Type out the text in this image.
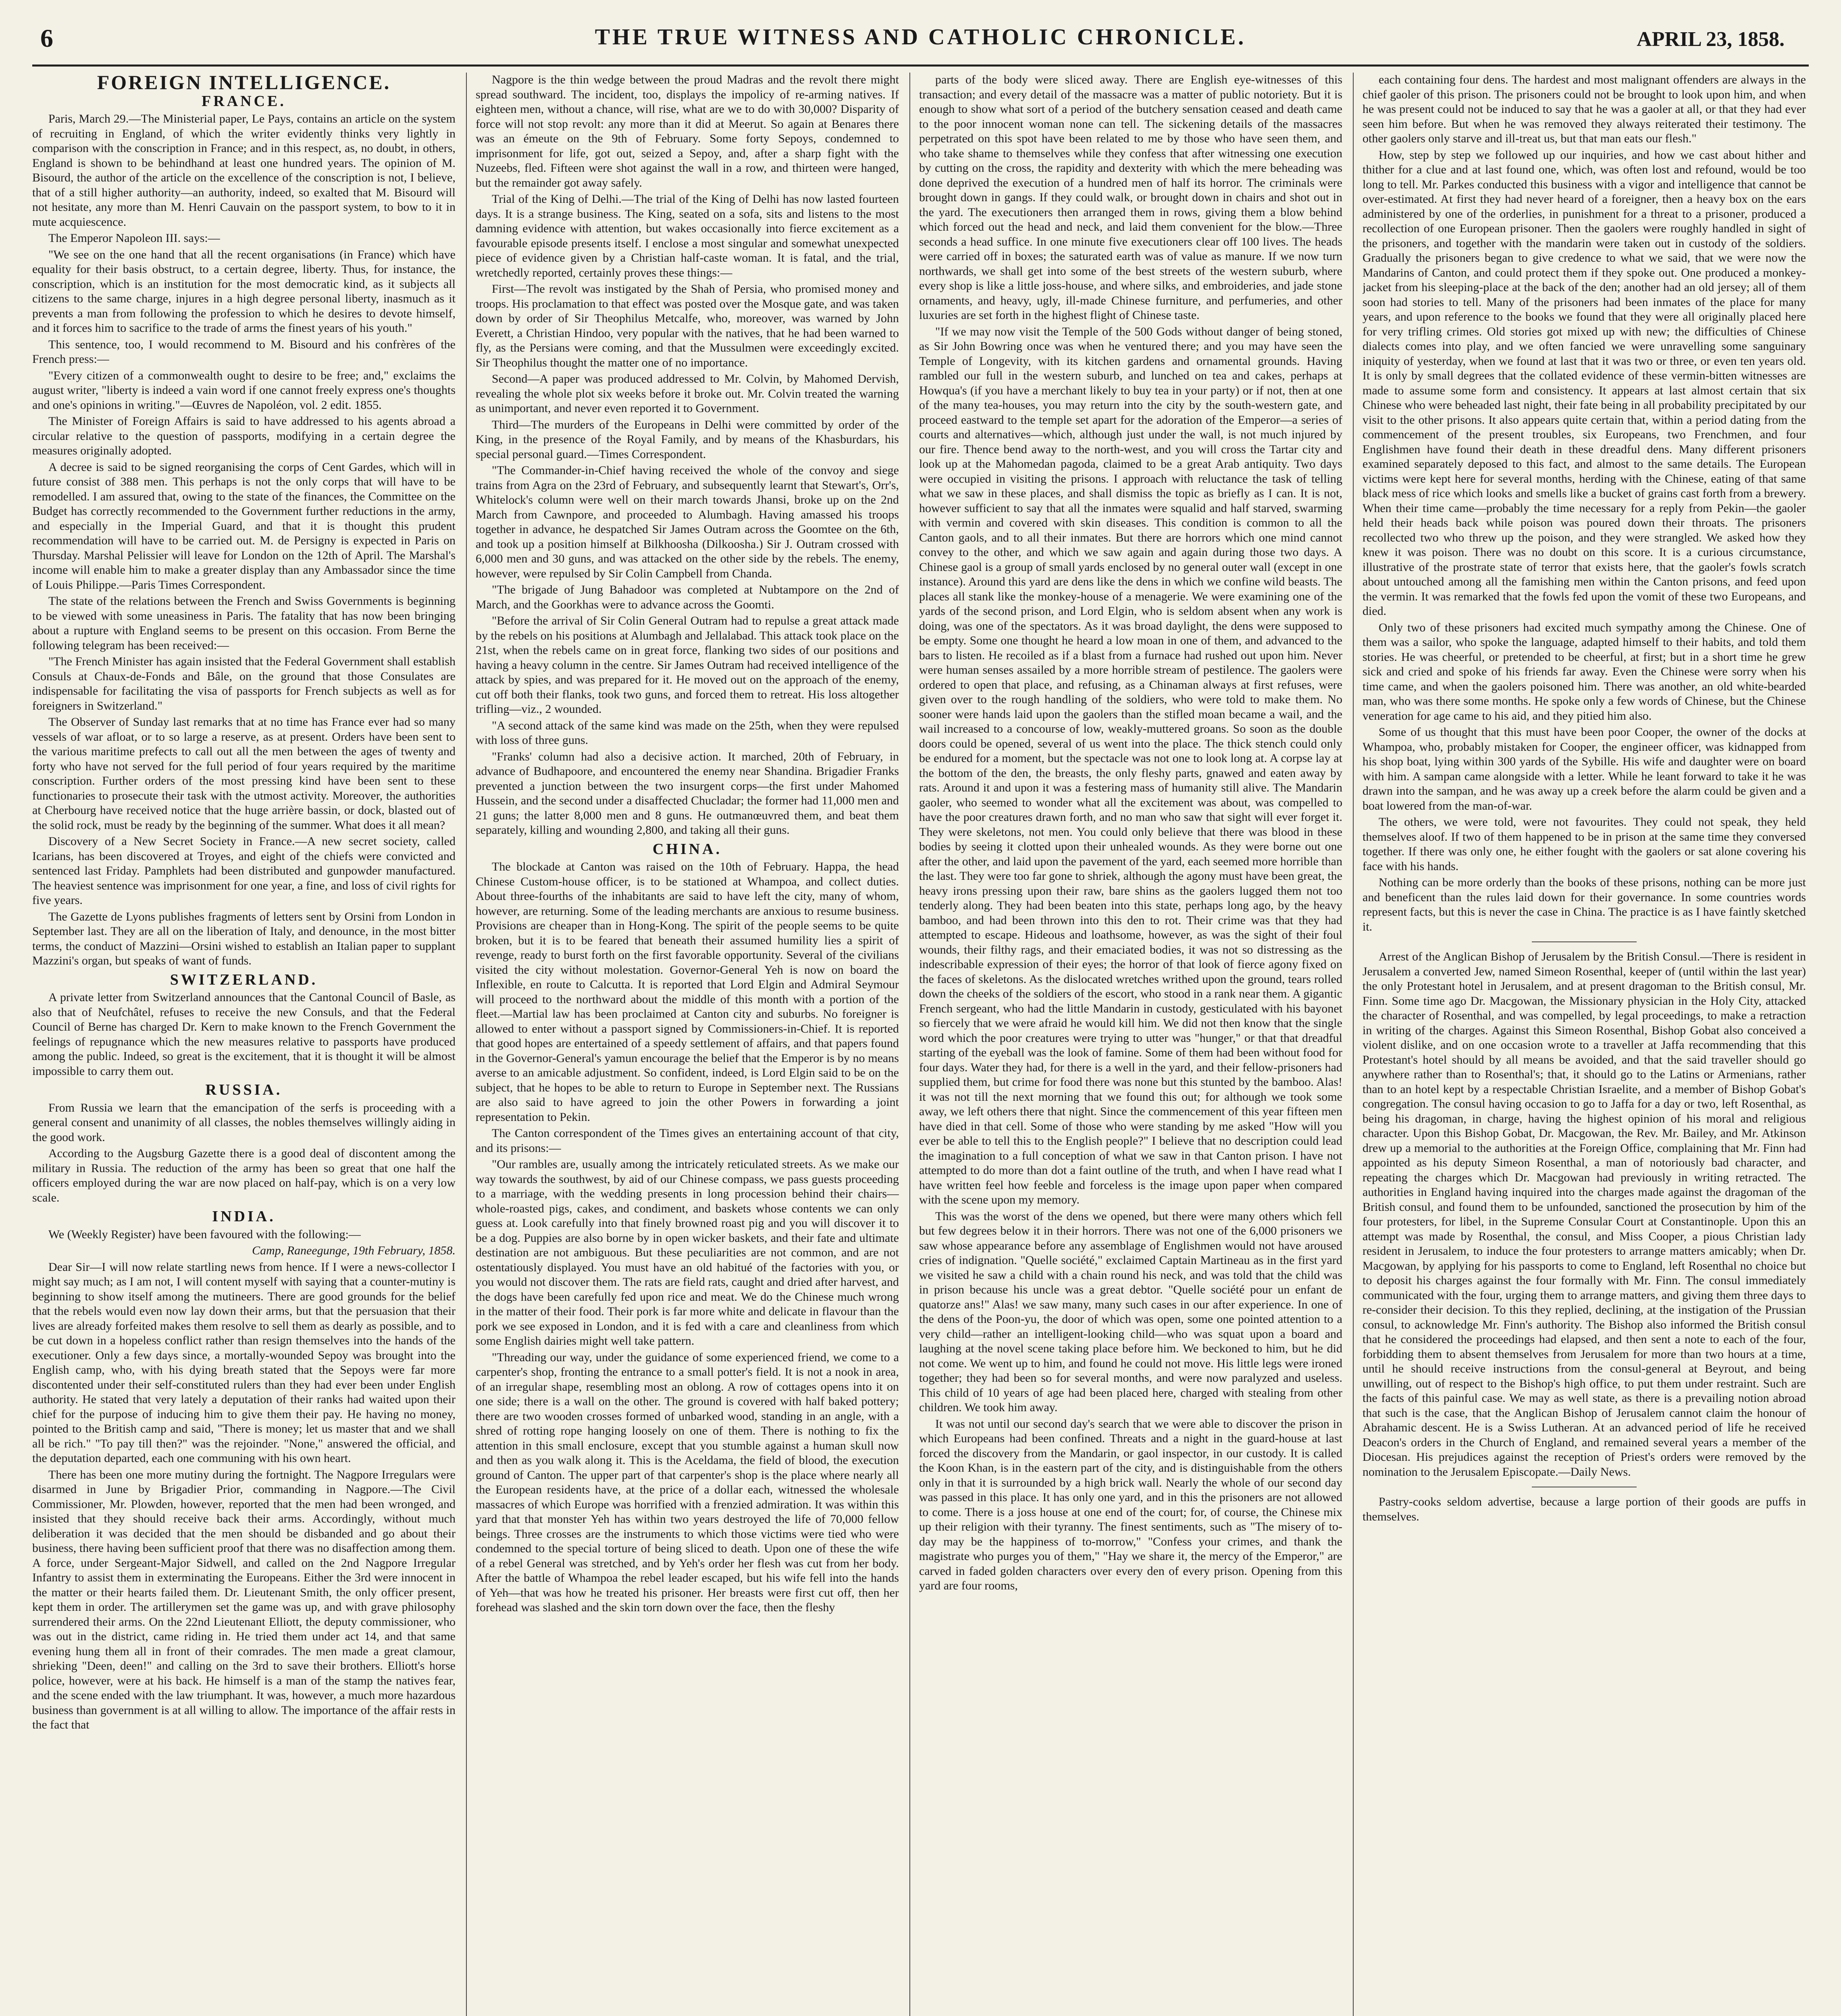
6	THE TRUE WITNESS AND CATHOLIC CHRONICLE.	APRIL 23, 1858.
FOREIGN INTELLIGENCE.
FRANCE.

Paris, March 29.—The Ministerial paper, Le Pays, contains an article on the system of recruiting in England, of which the writer evidently thinks very lightly in comparison with the conscription in France; and in this respect, as, no doubt, in others, England is shown to be behindhand at least one hundred years. The opinion of M. Bisourd, the author of the article on the excellence of the conscription is not, I believe, that of a still higher authority—an authority, indeed, so exalted that M. Bisourd will not hesitate, any more than M. Henri Cauvain on the passport system, to bow to it in mute acquiescence.

The Emperor Napoleon III. says:—

"We see on the one hand that all the recent organisations (in France) which have equality for their basis obstruct, to a certain degree, liberty. Thus, for instance, the conscription, which is an institution for the most democratic kind, as it subjects all citizens to the same charge, injures in a high degree personal liberty, inasmuch as it prevents a man from following the profession to which he desires to devote himself, and it forces him to sacrifice to the trade of arms the finest years of his youth."

This sentence, too, I would recommend to M. Bisourd and his confrères of the French press:—

"Every citizen of a commonwealth ought to desire to be free; and," exclaims the august writer, "liberty is indeed a vain word if one cannot freely express one's thoughts and one's opinions in writing."—Œuvres de Napoléon, vol. 2 edit. 1855.

The Minister of Foreign Affairs is said to have addressed to his agents abroad a circular relative to the question of passports, modifying in a certain degree the measures originally adopted.

A decree is said to be signed reorganising the corps of Cent Gardes, which will in future consist of 388 men. This perhaps is not the only corps that will have to be remodelled. I am assured that, owing to the state of the finances, the Committee on the Budget has correctly recommended to the Government further reductions in the army, and especially in the Imperial Guard, and that it is thought this prudent recommendation will have to be carried out. M. de Persigny is expected in Paris on Thursday. Marshal Pelissier will leave for London on the 12th of April. The Marshal's income will enable him to make a greater display than any Ambassador since the time of Louis Philippe.—Paris Times Correspondent.

The state of the relations between the French and Swiss Governments is beginning to be viewed with some uneasiness in Paris. The fatality that has now been bringing about a rupture with England seems to be present on this occasion. From Berne the following telegram has been received:—

"The French Minister has again insisted that the Federal Government shall establish Consuls at Chaux-de-Fonds and Bâle, on the ground that those Consulates are indispensable for facilitating the visa of passports for French subjects as well as for foreigners in Switzerland."

The Observer of Sunday last remarks that at no time has France ever had so many vessels of war afloat, or to so large a reserve, as at present. Orders have been sent to the various maritime prefects to call out all the men between the ages of twenty and forty who have not served for the full period of four years required by the maritime conscription. Further orders of the most pressing kind have been sent to these functionaries to prosecute their task with the utmost activity. Moreover, the authorities at Cherbourg have received notice that the huge arrière bassin, or dock, blasted out of the solid rock, must be ready by the beginning of the summer. What does it all mean?

Discovery of a New Secret Society in France.—A new secret society, called Icarians, has been discovered at Troyes, and eight of the chiefs were convicted and sentenced last Friday. Pamphlets had been distributed and gunpowder manufactured. The heaviest sentence was imprisonment for one year, a fine, and loss of civil rights for five years.

The Gazette de Lyons publishes fragments of letters sent by Orsini from London in September last. They are all on the liberation of Italy, and denounce, in the most bitter terms, the conduct of Mazzini—Orsini wished to establish an Italian paper to supplant Mazzini's organ, but speaks of want of funds.

SWITZERLAND.

A private letter from Switzerland announces that the Cantonal Council of Basle, as also that of Neufchâtel, refuses to receive the new Consuls, and that the Federal Council of Berne has charged Dr. Kern to make known to the French Government the feelings of repugnance which the new measures relative to passports have produced among the public. Indeed, so great is the excitement, that it is thought it will be almost impossible to carry them out.

RUSSIA.

From Russia we learn that the emancipation of the serfs is proceeding with a general consent and unanimity of all classes, the nobles themselves willingly aiding in the good work.

According to the Augsburg Gazette there is a good deal of discontent among the military in Russia. The reduction of the army has been so great that one half the officers employed during the war are now placed on half-pay, which is on a very low scale.

INDIA.

We (Weekly Register) have been favoured with the following:—

Camp, Raneegunge, 19th February, 1858.

Dear Sir—I will now relate startling news from hence. If I were a news-collector I might say much; as I am not, I will content myself with saying that a counter-mutiny is beginning to show itself among the mutineers. There are good grounds for the belief that the rebels would even now lay down their arms, but that the persuasion that their lives are already forfeited makes them resolve to sell them as dearly as possible, and to be cut down in a hopeless conflict rather than resign themselves into the hands of the executioner. Only a few days since, a mortally-wounded Sepoy was brought into the English camp, who, with his dying breath stated that the Sepoys were far more discontented under their self-constituted rulers than they had ever been under English authority. He stated that very lately a deputation of their ranks had waited upon their chief for the purpose of inducing him to give them their pay. He having no money, pointed to the British camp and said, "There is money; let us master that and we shall all be rich." "To pay till then?" was the rejoinder. "None," answered the official, and the deputation departed, each one communing with his own heart.

There has been one more mutiny during the fortnight. The Nagpore Irregulars were disarmed in June by Brigadier Prior, commanding in Nagpore.—The Civil Commissioner, Mr. Plowden, however, reported that the men had been wronged, and insisted that they should receive back their arms. Accordingly, without much deliberation it was decided that the men should be disbanded and go about their business, there having been sufficient proof that there was no disaffection among them. A force, under Sergeant-Major Sidwell, and called on the 2nd Nagpore Irregular Infantry to assist them in exterminating the Europeans. Either the 3rd were innocent in the matter or their hearts failed them. Dr. Lieutenant Smith, the only officer present, kept them in order. The artillerymen set the game was up, and with grave philosophy surrendered their arms. On the 22nd Lieutenant Elliott, the deputy commissioner, who was out in the district, came riding in. He tried them under act 14, and that same evening hung them all in front of their comrades. The men made a great clamour, shrieking "Deen, deen!" and calling on the 3rd to save their brothers. Elliott's horse police, however, were at his back. He himself is a man of the stamp the natives fear, and the scene ended with the law triumphant. It was, however, a much more hazardous business than government is at all willing to allow. The importance of the affair rests in the fact that

Nagpore is the thin wedge between the proud Madras and the revolt there might spread southward. The incident, too, displays the impolicy of re-arming natives. If eighteen men, without a chance, will rise, what are we to do with 30,000? Disparity of force will not stop revolt: any more than it did at Meerut. So again at Benares there was an émeute on the 9th of February. Some forty Sepoys, condemned to imprisonment for life, got out, seized a Sepoy, and, after a sharp fight with the Nuzeebs, fled. Fifteen were shot against the wall in a row, and thirteen were hanged, but the remainder got away safely.

Trial of the King of Delhi.—The trial of the King of Delhi has now lasted fourteen days. It is a strange business. The King, seated on a sofa, sits and listens to the most damning evidence with attention, but wakes occasionally into fierce excitement as a favourable episode presents itself. I enclose a most singular and somewhat unexpected piece of evidence given by a Christian half-caste woman. It is fatal, and the trial, wretchedly reported, certainly proves these things:—

First—The revolt was instigated by the Shah of Persia, who promised money and troops. His proclamation to that effect was posted over the Mosque gate, and was taken down by order of Sir Theophilus Metcalfe, who, moreover, was warned by John Everett, a Christian Hindoo, very popular with the natives, that he had been warned to fly, as the Persians were coming, and that the Mussulmen were exceedingly excited. Sir Theophilus thought the matter one of no importance.

Second—A paper was produced addressed to Mr. Colvin, by Mahomed Dervish, revealing the whole plot six weeks before it broke out. Mr. Colvin treated the warning as unimportant, and never even reported it to Government.

Third—The murders of the Europeans in Delhi were committed by order of the King, in the presence of the Royal Family, and by means of the Khasburdars, his special personal guard.—Times Correspondent.

"The Commander-in-Chief having received the whole of the convoy and siege trains from Agra on the 23rd of February, and subsequently learnt that Stewart's, Orr's, Whitelock's column were well on their march towards Jhansi, broke up on the 2nd March from Cawnpore, and proceeded to Alumbagh. Having amassed his troops together in advance, he despatched Sir James Outram across the Goomtee on the 6th, and took up a position himself at Bilkhoosha (Dilkoosha.) Sir J. Outram crossed with 6,000 men and 30 guns, and was attacked on the other side by the rebels. The enemy, however, were repulsed by Sir Colin Campbell from Chanda.

"The brigade of Jung Bahadoor was completed at Nubtampore on the 2nd of March, and the Goorkhas were to advance across the Goomti.

"Before the arrival of Sir Colin General Outram had to repulse a great attack made by the rebels on his positions at Alumbagh and Jellalabad. This attack took place on the 21st, when the rebels came on in great force, flanking two sides of our positions and having a heavy column in the centre. Sir James Outram had received intelligence of the attack by spies, and was prepared for it. He moved out on the approach of the enemy, cut off both their flanks, took two guns, and forced them to retreat. His loss altogether trifling—viz., 2 wounded.

"A second attack of the same kind was made on the 25th, when they were repulsed with loss of three guns.

"Franks' column had also a decisive action. It marched, 20th of February, in advance of Budhapoore, and encountered the enemy near Shandina. Brigadier Franks prevented a junction between the two insurgent corps—the first under Mahomed Hussein, and the second under a disaffected Chucladar; the former had 11,000 men and 21 guns; the latter 8,000 men and 8 guns. He outmanœuvred them, and beat them separately, killing and wounding 2,800, and taking all their guns.

CHINA.

The blockade at Canton was raised on the 10th of February. Happa, the head Chinese Custom-house officer, is to be stationed at Whampoa, and collect duties. About three-fourths of the inhabitants are said to have left the city, many of whom, however, are returning. Some of the leading merchants are anxious to resume business. Provisions are cheaper than in Hong-Kong. The spirit of the people seems to be quite broken, but it is to be feared that beneath their assumed humility lies a spirit of revenge, ready to burst forth on the first favorable opportunity. Several of the civilians visited the city without molestation. Governor-General Yeh is now on board the Inflexible, en route to Calcutta. It is reported that Lord Elgin and Admiral Seymour will proceed to the northward about the middle of this month with a portion of the fleet.—Martial law has been proclaimed at Canton city and suburbs. No foreigner is allowed to enter without a passport signed by Commissioners-in-Chief. It is reported that good hopes are entertained of a speedy settlement of affairs, and that papers found in the Governor-General's yamun encourage the belief that the Emperor is by no means averse to an amicable adjustment. So confident, indeed, is Lord Elgin said to be on the subject, that he hopes to be able to return to Europe in September next. The Russians are also said to have agreed to join the other Powers in forwarding a joint representation to Pekin.

The Canton correspondent of the Times gives an entertaining account of that city, and its prisons:—

"Our rambles are, usually among the intricately reticulated streets. As we make our way towards the southwest, by aid of our Chinese compass, we pass guests proceeding to a marriage, with the wedding presents in long procession behind their chairs—whole-roasted pigs, cakes, and condiment, and baskets whose contents we can only guess at. Look carefully into that finely browned roast pig and you will discover it to be a dog. Puppies are also borne by in open wicker baskets, and their fate and ultimate destination are not ambiguous. But these peculiarities are not common, and are not ostentatiously displayed. You must have an old habitué of the factories with you, or you would not discover them. The rats are field rats, caught and dried after harvest, and the dogs have been carefully fed upon rice and meat. We do the Chinese much wrong in the matter of their food. Their pork is far more white and delicate in flavour than the pork we see exposed in London, and it is fed with a care and cleanliness from which some English dairies might well take pattern.

"Threading our way, under the guidance of some experienced friend, we come to a carpenter's shop, fronting the entrance to a small potter's field. It is not a nook in area, of an irregular shape, resembling most an oblong. A row of cottages opens into it on one side; there is a wall on the other. The ground is covered with half baked pottery; there are two wooden crosses formed of unbarked wood, standing in an angle, with a shred of rotting rope hanging loosely on one of them. There is nothing to fix the attention in this small enclosure, except that you stumble against a human skull now and then as you walk along it. This is the Aceldama, the field of blood, the execution ground of Canton. The upper part of that carpenter's shop is the place where nearly all the European residents have, at the price of a dollar each, witnessed the wholesale massacres of which Europe was horrified with a frenzied admiration. It was within this yard that that monster Yeh has within two years destroyed the life of 70,000 fellow beings. Three crosses are the instruments to which those victims were tied who were condemned to the special torture of being sliced to death. Upon one of these the wife of a rebel General was stretched, and by Yeh's order her flesh was cut from her body. After the battle of Whampoa the rebel leader escaped, but his wife fell into the hands of Yeh—that was how he treated his prisoner. Her breasts were first cut off, then her forehead was slashed and the skin torn down over the face, then the fleshy

parts of the body were sliced away. There are English eye-witnesses of this transaction; and every detail of the massacre was a matter of public notoriety. But it is enough to show what sort of a period of the butchery sensation ceased and death came to the poor innocent woman none can tell. The sickening details of the massacres perpetrated on this spot have been related to me by those who have seen them, and who take shame to themselves while they confess that after witnessing one execution by cutting on the cross, the rapidity and dexterity with which the mere beheading was done deprived the execution of a hundred men of half its horror. The criminals were brought down in gangs. If they could walk, or brought down in chairs and shot out in the yard. The executioners then arranged them in rows, giving them a blow behind which forced out the head and neck, and laid them convenient for the blow.—Three seconds a head suffice. In one minute five executioners clear off 100 lives. The heads were carried off in boxes; the saturated earth was of value as manure. If we now turn northwards, we shall get into some of the best streets of the western suburb, where every shop is like a little joss-house, and where silks, and embroideries, and jade stone ornaments, and heavy, ugly, ill-made Chinese furniture, and perfumeries, and other luxuries are set forth in the highest flight of Chinese taste.

"If we may now visit the Temple of the 500 Gods without danger of being stoned, as Sir John Bowring once was when he ventured there; and you may have seen the Temple of Longevity, with its kitchen gardens and ornamental grounds. Having rambled our full in the western suburb, and lunched on tea and cakes, perhaps at Howqua's (if you have a merchant likely to buy tea in your party) or if not, then at one of the many tea-houses, you may return into the city by the south-western gate, and proceed eastward to the temple set apart for the adoration of the Emperor—a series of courts and alternatives—which, although just under the wall, is not much injured by our fire. Thence bend away to the north-west, and you will cross the Tartar city and look up at the Mahomedan pagoda, claimed to be a great Arab antiquity. Two days were occupied in visiting the prisons. I approach with reluctance the task of telling what we saw in these places, and shall dismiss the topic as briefly as I can. It is not, however sufficient to say that all the inmates were squalid and half starved, swarming with vermin and covered with skin diseases. This condition is common to all the Canton gaols, and to all their inmates. But there are horrors which one mind cannot convey to the other, and which we saw again and again during those two days. A Chinese gaol is a group of small yards enclosed by no general outer wall (except in one instance). Around this yard are dens like the dens in which we confine wild beasts. The places all stank like the monkey-house of a menagerie. We were examining one of the yards of the second prison, and Lord Elgin, who is seldom absent when any work is doing, was one of the spectators. As it was broad daylight, the dens were supposed to be empty. Some one thought he heard a low moan in one of them, and advanced to the bars to listen. He recoiled as if a blast from a furnace had rushed out upon him. Never were human senses assailed by a more horrible stream of pestilence. The gaolers were ordered to open that place, and refusing, as a Chinaman always at first refuses, were given over to the rough handling of the soldiers, who were told to make them. No sooner were hands laid upon the gaolers than the stifled moan became a wail, and the wail increased to a concourse of low, weakly-muttered groans. So soon as the double doors could be opened, several of us went into the place. The thick stench could only be endured for a moment, but the spectacle was not one to look long at. A corpse lay at the bottom of the den, the breasts, the only fleshy parts, gnawed and eaten away by rats. Around it and upon it was a festering mass of humanity still alive. The Mandarin gaoler, who seemed to wonder what all the excitement was about, was compelled to have the poor creatures drawn forth, and no man who saw that sight will ever forget it. They were skeletons, not men. You could only believe that there was blood in these bodies by seeing it clotted upon their unhealed wounds. As they were borne out one after the other, and laid upon the pavement of the yard, each seemed more horrible than the last. They were too far gone to shriek, although the agony must have been great, the heavy irons pressing upon their raw, bare shins as the gaolers lugged them not too tenderly along. They had been beaten into this state, perhaps long ago, by the heavy bamboo, and had been thrown into this den to rot. Their crime was that they had attempted to escape. Hideous and loathsome, however, as was the sight of their foul wounds, their filthy rags, and their emaciated bodies, it was not so distressing as the indescribable expression of their eyes; the horror of that look of fierce agony fixed on the faces of skeletons. As the dislocated wretches writhed upon the ground, tears rolled down the cheeks of the soldiers of the escort, who stood in a rank near them. A gigantic French sergeant, who had the little Mandarin in custody, gesticulated with his bayonet so fiercely that we were afraid he would kill him. We did not then know that the single word which the poor creatures were trying to utter was "hunger," or that that dreadful starting of the eyeball was the look of famine. Some of them had been without food for four days. Water they had, for there is a well in the yard, and their fellow-prisoners had supplied them, but crime for food there was none but this stunted by the bamboo. Alas! it was not till the next morning that we found this out; for although we took some away, we left others there that night. Since the commencement of this year fifteen men have died in that cell. Some of those who were standing by me asked "How will you ever be able to tell this to the English people?" I believe that no description could lead the imagination to a full conception of what we saw in that Canton prison. I have not attempted to do more than dot a faint outline of the truth, and when I have read what I have written feel how feeble and forceless is the image upon paper when compared with the scene upon my memory.

This was the worst of the dens we opened, but there were many others which fell but few degrees below it in their horrors. There was not one of the 6,000 prisoners we saw whose appearance before any assemblage of Englishmen would not have aroused cries of indignation. "Quelle société," exclaimed Captain Martineau as in the first yard we visited he saw a child with a chain round his neck, and was told that the child was in prison because his uncle was a great debtor. "Quelle société pour un enfant de quatorze ans!" Alas! we saw many, many such cases in our after experience. In one of the dens of the Poon-yu, the door of which was open, some one pointed attention to a very child—rather an intelligent-looking child—who was squat upon a board and laughing at the novel scene taking place before him. We beckoned to him, but he did not come. We went up to him, and found he could not move. His little legs were ironed together; they had been so for several months, and were now paralyzed and useless. This child of 10 years of age had been placed here, charged with stealing from other children. We took him away.

It was not until our second day's search that we were able to discover the prison in which Europeans had been confined. Threats and a night in the guard-house at last forced the discovery from the Mandarin, or gaol inspector, in our custody. It is called the Koon Khan, is in the eastern part of the city, and is distinguishable from the others only in that it is surrounded by a high brick wall. Nearly the whole of our second day was passed in this place. It has only one yard, and in this the prisoners are not allowed to come. There is a joss house at one end of the court; for, of course, the Chinese mix up their religion with their tyranny. The finest sentiments, such as "The misery of to-day may be the happiness of to-morrow," "Confess your crimes, and thank the magistrate who purges you of them," "Hay we share it, the mercy of the Emperor," are carved in faded golden characters over every den of every prison. Opening from this yard are four rooms,

each containing four dens. The hardest and most malignant offenders are always in the chief gaoler of this prison. The prisoners could not be brought to look upon him, and when he was present could not be induced to say that he was a gaoler at all, or that they had ever seen him before. But when he was removed they always reiterated their testimony. The other gaolers only starve and ill-treat us, but that man eats our flesh."

How, step by step we followed up our inquiries, and how we cast about hither and thither for a clue and at last found one, which, was often lost and refound, would be too long to tell. Mr. Parkes conducted this business with a vigor and intelligence that cannot be over-estimated. At first they had never heard of a foreigner, then a heavy box on the ears administered by one of the orderlies, in punishment for a threat to a prisoner, produced a recollection of one European prisoner. Then the gaolers were roughly handled in sight of the prisoners, and together with the mandarin were taken out in custody of the soldiers. Gradually the prisoners began to give credence to what we said, that we were now the Mandarins of Canton, and could protect them if they spoke out. One produced a monkey-jacket from his sleeping-place at the back of the den; another had an old jersey; all of them soon had stories to tell. Many of the prisoners had been inmates of the place for many years, and upon reference to the books we found that they were all originally placed here for very trifling crimes. Old stories got mixed up with new; the difficulties of Chinese dialects comes into play, and we often fancied we were unravelling some sanguinary iniquity of yesterday, when we found at last that it was two or three, or even ten years old. It is only by small degrees that the collated evidence of these vermin-bitten witnesses are made to assume some form and consistency. It appears at last almost certain that six Chinese who were beheaded last night, their fate being in all probability precipitated by our visit to the other prisons. It also appears quite certain that, within a period dating from the commencement of the present troubles, six Europeans, two Frenchmen, and four Englishmen have found their death in these dreadful dens. Many different prisoners examined separately deposed to this fact, and almost to the same details. The European victims were kept here for several months, herding with the Chinese, eating of that same black mess of rice which looks and smells like a bucket of grains cast forth from a brewery. When their time came—probably the time necessary for a reply from Pekin—the gaoler held their heads back while poison was poured down their throats. The prisoners recollected two who threw up the poison, and they were strangled. We asked how they knew it was poison. There was no doubt on this score. It is a curious circumstance, illustrative of the prostrate state of terror that exists here, that the gaoler's fowls scratch about untouched among all the famishing men within the Canton prisons, and feed upon the vermin. It was remarked that the fowls fed upon the vomit of these two Europeans, and died.

Only two of these prisoners had excited much sympathy among the Chinese. One of them was a sailor, who spoke the language, adapted himself to their habits, and told them stories. He was cheerful, or pretended to be cheerful, at first; but in a short time he grew sick and cried and spoke of his friends far away. Even the Chinese were sorry when his time came, and when the gaolers poisoned him. There was another, an old white-bearded man, who was there some months. He spoke only a few words of Chinese, but the Chinese veneration for age came to his aid, and they pitied him also.

Some of us thought that this must have been poor Cooper, the owner of the docks at Whampoa, who, probably mistaken for Cooper, the engineer officer, was kidnapped from his shop boat, lying within 300 yards of the Sybille. His wife and daughter were on board with him. A sampan came alongside with a letter. While he leant forward to take it he was drawn into the sampan, and he was away up a creek before the alarm could be given and a boat lowered from the man-of-war.

The others, we were told, were not favourites. They could not speak, they held themselves aloof. If two of them happened to be in prison at the same time they conversed together. If there was only one, he either fought with the gaolers or sat alone covering his face with his hands.

Nothing can be more orderly than the books of these prisons, nothing can be more just and beneficent than the rules laid down for their governance. In some countries words represent facts, but this is never the case in China. The practice is as I have faintly sketched it.

Arrest of the Anglican Bishop of Jerusalem by the British Consul.—There is resident in Jerusalem a converted Jew, named Simeon Rosenthal, keeper of (until within the last year) the only Protestant hotel in Jerusalem, and at present dragoman to the British consul, Mr. Finn. Some time ago Dr. Macgowan, the Missionary physician in the Holy City, attacked the character of Rosenthal, and was compelled, by legal proceedings, to make a retraction in writing of the charges. Against this Simeon Rosenthal, Bishop Gobat also conceived a violent dislike, and on one occasion wrote to a traveller at Jaffa recommending that this Protestant's hotel should by all means be avoided, and that the said traveller should go anywhere rather than to Rosenthal's; that, it should go to the Latins or Armenians, rather than to an hotel kept by a respectable Christian Israelite, and a member of Bishop Gobat's congregation. The consul having occasion to go to Jaffa for a day or two, left Rosenthal, as being his dragoman, in charge, having the highest opinion of his moral and religious character. Upon this Bishop Gobat, Dr. Macgowan, the Rev. Mr. Bailey, and Mr. Atkinson drew up a memorial to the authorities at the Foreign Office, complaining that Mr. Finn had appointed as his deputy Simeon Rosenthal, a man of notoriously bad character, and repeating the charges which Dr. Macgowan had previously in writing retracted. The authorities in England having inquired into the charges made against the dragoman of the British consul, and found them to be unfounded, sanctioned the prosecution by him of the four protesters, for libel, in the Supreme Consular Court at Constantinople. Upon this an attempt was made by Rosenthal, the consul, and Miss Cooper, a pious Christian lady resident in Jerusalem, to induce the four protesters to arrange matters amicably; when Dr. Macgowan, by applying for his passports to come to England, left Rosenthal no choice but to deposit his charges against the four formally with Mr. Finn. The consul immediately communicated with the four, urging them to arrange matters, and giving them three days to re-consider their decision. To this they replied, declining, at the instigation of the Prussian consul, to acknowledge Mr. Finn's authority. The Bishop also informed the British consul that he considered the proceedings had elapsed, and then sent a note to each of the four, forbidding them to absent themselves from Jerusalem for more than two hours at a time, until he should receive instructions from the consul-general at Beyrout, and being unwilling, out of respect to the Bishop's high office, to put them under restraint. Such are the facts of this painful case. We may as well state, as there is a prevailing notion abroad that such is the case, that the Anglican Bishop of Jerusalem cannot claim the honour of Abrahamic descent. He is a Swiss Lutheran. At an advanced period of life he received Deacon's orders in the Church of England, and remained several years a member of the Diocesan. His prejudices against the reception of Priest's orders were removed by the nomination to the Jerusalem Episcopate.—Daily News.

Pastry-cooks seldom advertise, because a large portion of their goods are puffs in themselves.
